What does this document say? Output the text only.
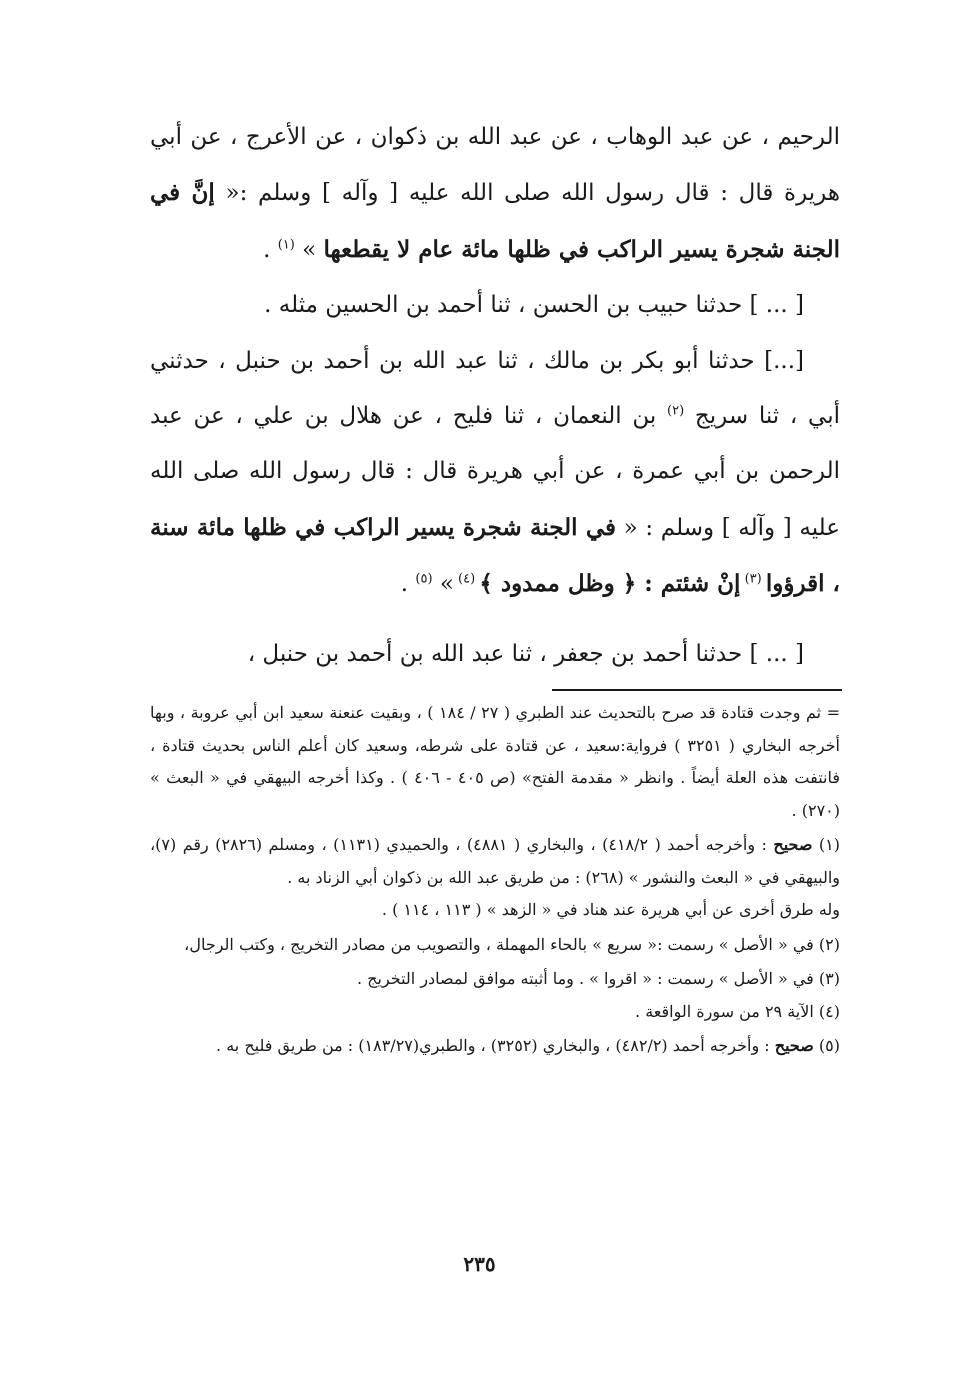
الرحيم ، عن عبد الوهاب ، عن عبد الله بن ذكوان ، عن الأعرج ، عن أبي هريرة قال : قال رسول الله صلى الله عليه [ وآله ] وسلم :« إنَّ في الجنة شجرة يسير الراكب في ظلها مائة عام لا يقطعها » $^{(١)}$ .

[ ... ] حدثنا حبيب بن الحسن ، ثنا أحمد بن الحسين مثله .

[...] حدثنا أبو بكر بن مالك ، ثنا عبد الله بن أحمد بن حنبل ، حدثني أبي ، ثنا سريج $^{(٢)}$ بن النعمان ، ثنا فليح ، عن هلال بن علي ، عن عبد الرحمن بن أبي عمرة ، عن أبي هريرة قال : قال رسول الله صلى الله عليه [ وآله ] وسلم : « في الجنة شجرة يسير الراكب في ظلها مائة سنة ، اقرؤوا $^{(٣)}$ إنْ شئتم : ﴿ وظل ممدود ﴾ $^{(٤)}$ » $^{(٥)}$ .

[ ... ] حدثنا أحمد بن جعفر ، ثنا عبد الله بن أحمد بن حنبل ،

= ثم وجدت قتادة قد صرح بالتحديث عند الطبري ( ٢٧ / ١٨٤ ) ، وبقيت عنعنة سعيد ابن أبي عروبة ، وبها أخرجه البخاري ( ٣٢٥١ ) فرواية:سعيد ، عن قتادة على شرطه، وسعيد كان أعلم الناس بحديث قتادة ، فانتفت هذه العلة أيضاً . وانظر « مقدمة الفتح» (ص ٤٠٥ - ٤٠٦ ) . وكذا أخرجه البيهقي في « البعث » (٢٧٠) .

(١) صحيح : وأخرجه أحمد ( ٤١٨/٢) ، والبخاري ( ٤٨٨١) ، والحميدي (١١٣١) ، ومسلم (٢٨٢٦) رقم (٧)، والبيهقي في « البعث والنشور » (٢٦٨) : من طريق عبد الله بن ذكوان أبي الزناد به .

وله طرق أخرى عن أبي هريرة عند هناد في « الزهد » ( ١١٣ ، ١١٤ ) .

(٢) في « الأصل » رسمت :« سريع » بالحاء المهملة ، والتصويب من مصادر التخريج ، وكتب الرجال،

(٣) في « الأصل » رسمت : « اقروا » . وما أثبته موافق لمصادر التخريج .

(٤) الآية ٢٩ من سورة الواقعة .

(٥) صحيح : وأخرجه أحمد (٤٨٢/٢) ، والبخاري (٣٢٥٢) ، والطبري(١٨٣/٢٧) : من طريق فليح به .

٢٣٥
